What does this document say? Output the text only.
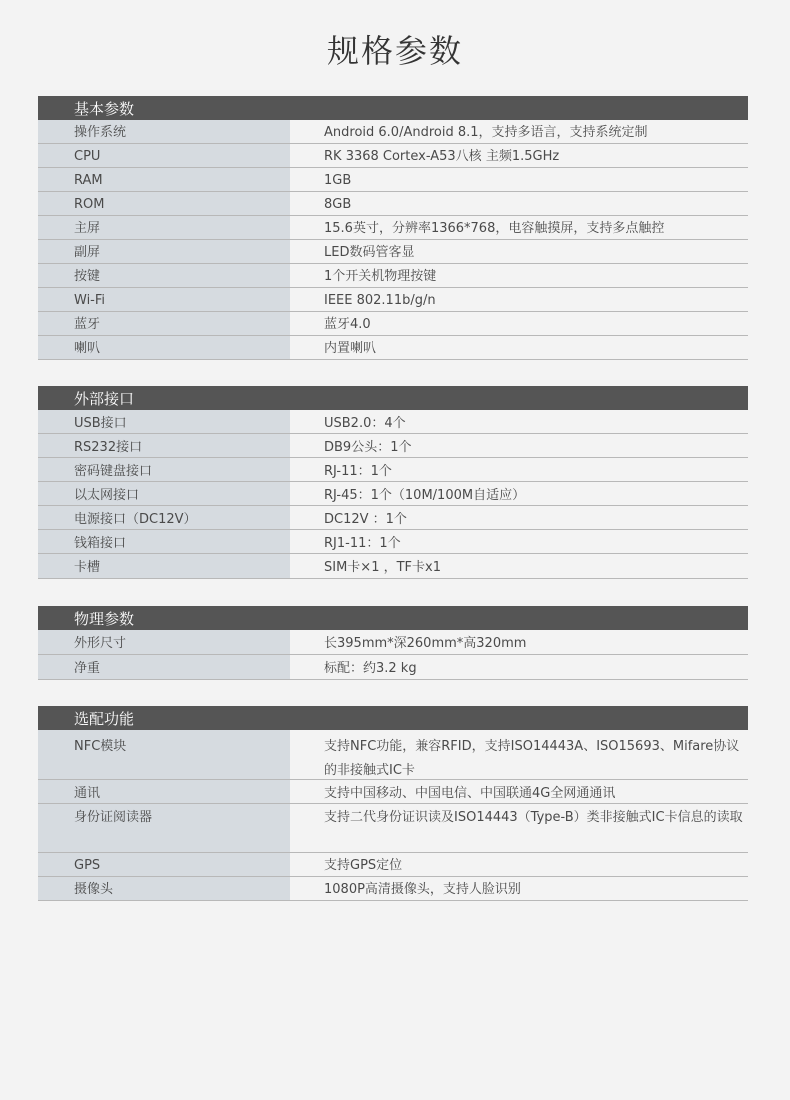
规格参数
基本参数
操作系统	Android 6.0/Android 8.1，支持多语言，支持系统定制
CPU	RK 3368 Cortex-A53八核 主频1.5GHz
RAM	1GB
ROM	8GB
主屏	15.6英寸，分辨率1366*768，电容触摸屏，支持多点触控
副屏	LED数码管客显
按键	1个开关机物理按键
Wi-Fi	IEEE 802.11b/g/n
蓝牙	蓝牙4.0
喇叭	内置喇叭
外部接口
USB接口	USB2.0：4个
RS232接口	DB9公头：1个
密码键盘接口	RJ-11：1个
以太网接口	RJ-45：1个（10M/100M自适应）
电源接口（DC12V）	DC12V ：1个
钱箱接口	RJ1-11：1个
卡槽	SIM卡×1 ，TF卡x1
物理参数
外形尺寸	长395mm*深260mm*高320mm
净重	标配：约3.2 kg
选配功能
NFC模块	支持NFC功能，兼容RFID，支持ISO14443A、ISO15693、Mifare协议的非接触式IC卡
通讯	支持中国移动、中国电信、中国联通4G全网通通讯
身份证阅读器	支持二代身份证识读及ISO14443（Type-B）类非接触式IC卡信息的读取
GPS	支持GPS定位
摄像头	1080P高清摄像头，支持人脸识别
